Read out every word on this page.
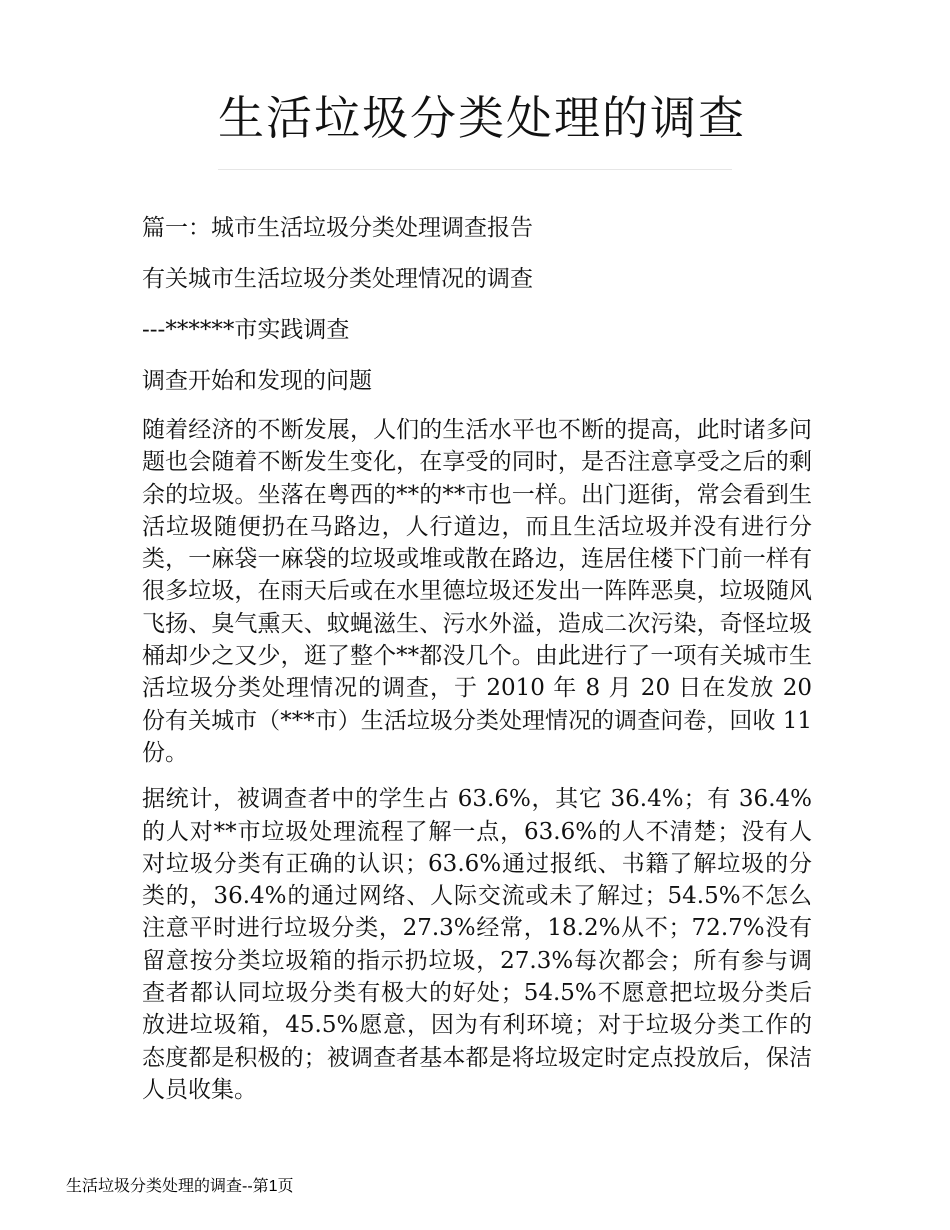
生活垃圾分类处理的调查

篇一：城市生活垃圾分类处理调查报告

有关城市生活垃圾分类处理情况的调查

---******市实践调查

调查开始和发现的问题

随着经济的不断发展，人们的生活水平也不断的提高，此时诸多问题也会随着不断发生变化，在享受的同时，是否注意享受之后的剩余的垃圾。坐落在粤西的**的**市也一样。出门逛街，常会看到生活垃圾随便扔在马路边，人行道边，而且生活垃圾并没有进行分类，一麻袋一麻袋的垃圾或堆或散在路边，连居住楼下门前一样有很多垃圾，在雨天后或在水里德垃圾还发出一阵阵恶臭，垃圾随风飞扬、臭气熏天、蚊蝇滋生、污水外溢，造成二次污染，奇怪垃圾桶却少之又少，逛了整个**都没几个。由此进行了一项有关城市生活垃圾分类处理情况的调查，于 2010 年 8 月 20 日在发放 20 份有关城市（***市）生活垃圾分类处理情况的调查问卷，回收 11 份。

据统计，被调查者中的学生占 63.6%，其它 36.4%；有 36.4%的人对**市垃圾处理流程了解一点，63.6%的人不清楚；没有人对垃圾分类有正确的认识；63.6%通过报纸、书籍了解垃圾的分类的，36.4%的通过网络、人际交流或未了解过；54.5%不怎么注意平时进行垃圾分类，27.3%经常，18.2%从不；72.7%没有留意按分类垃圾箱的指示扔垃圾，27.3%每次都会；所有参与调查者都认同垃圾分类有极大的好处；54.5%不愿意把垃圾分类后放进垃圾箱，45.5%愿意，因为有利环境；对于垃圾分类工作的态度都是积极的；被调查者基本都是将垃圾定时定点投放后，保洁人员收集。

生活垃圾分类处理的调查--第1页
